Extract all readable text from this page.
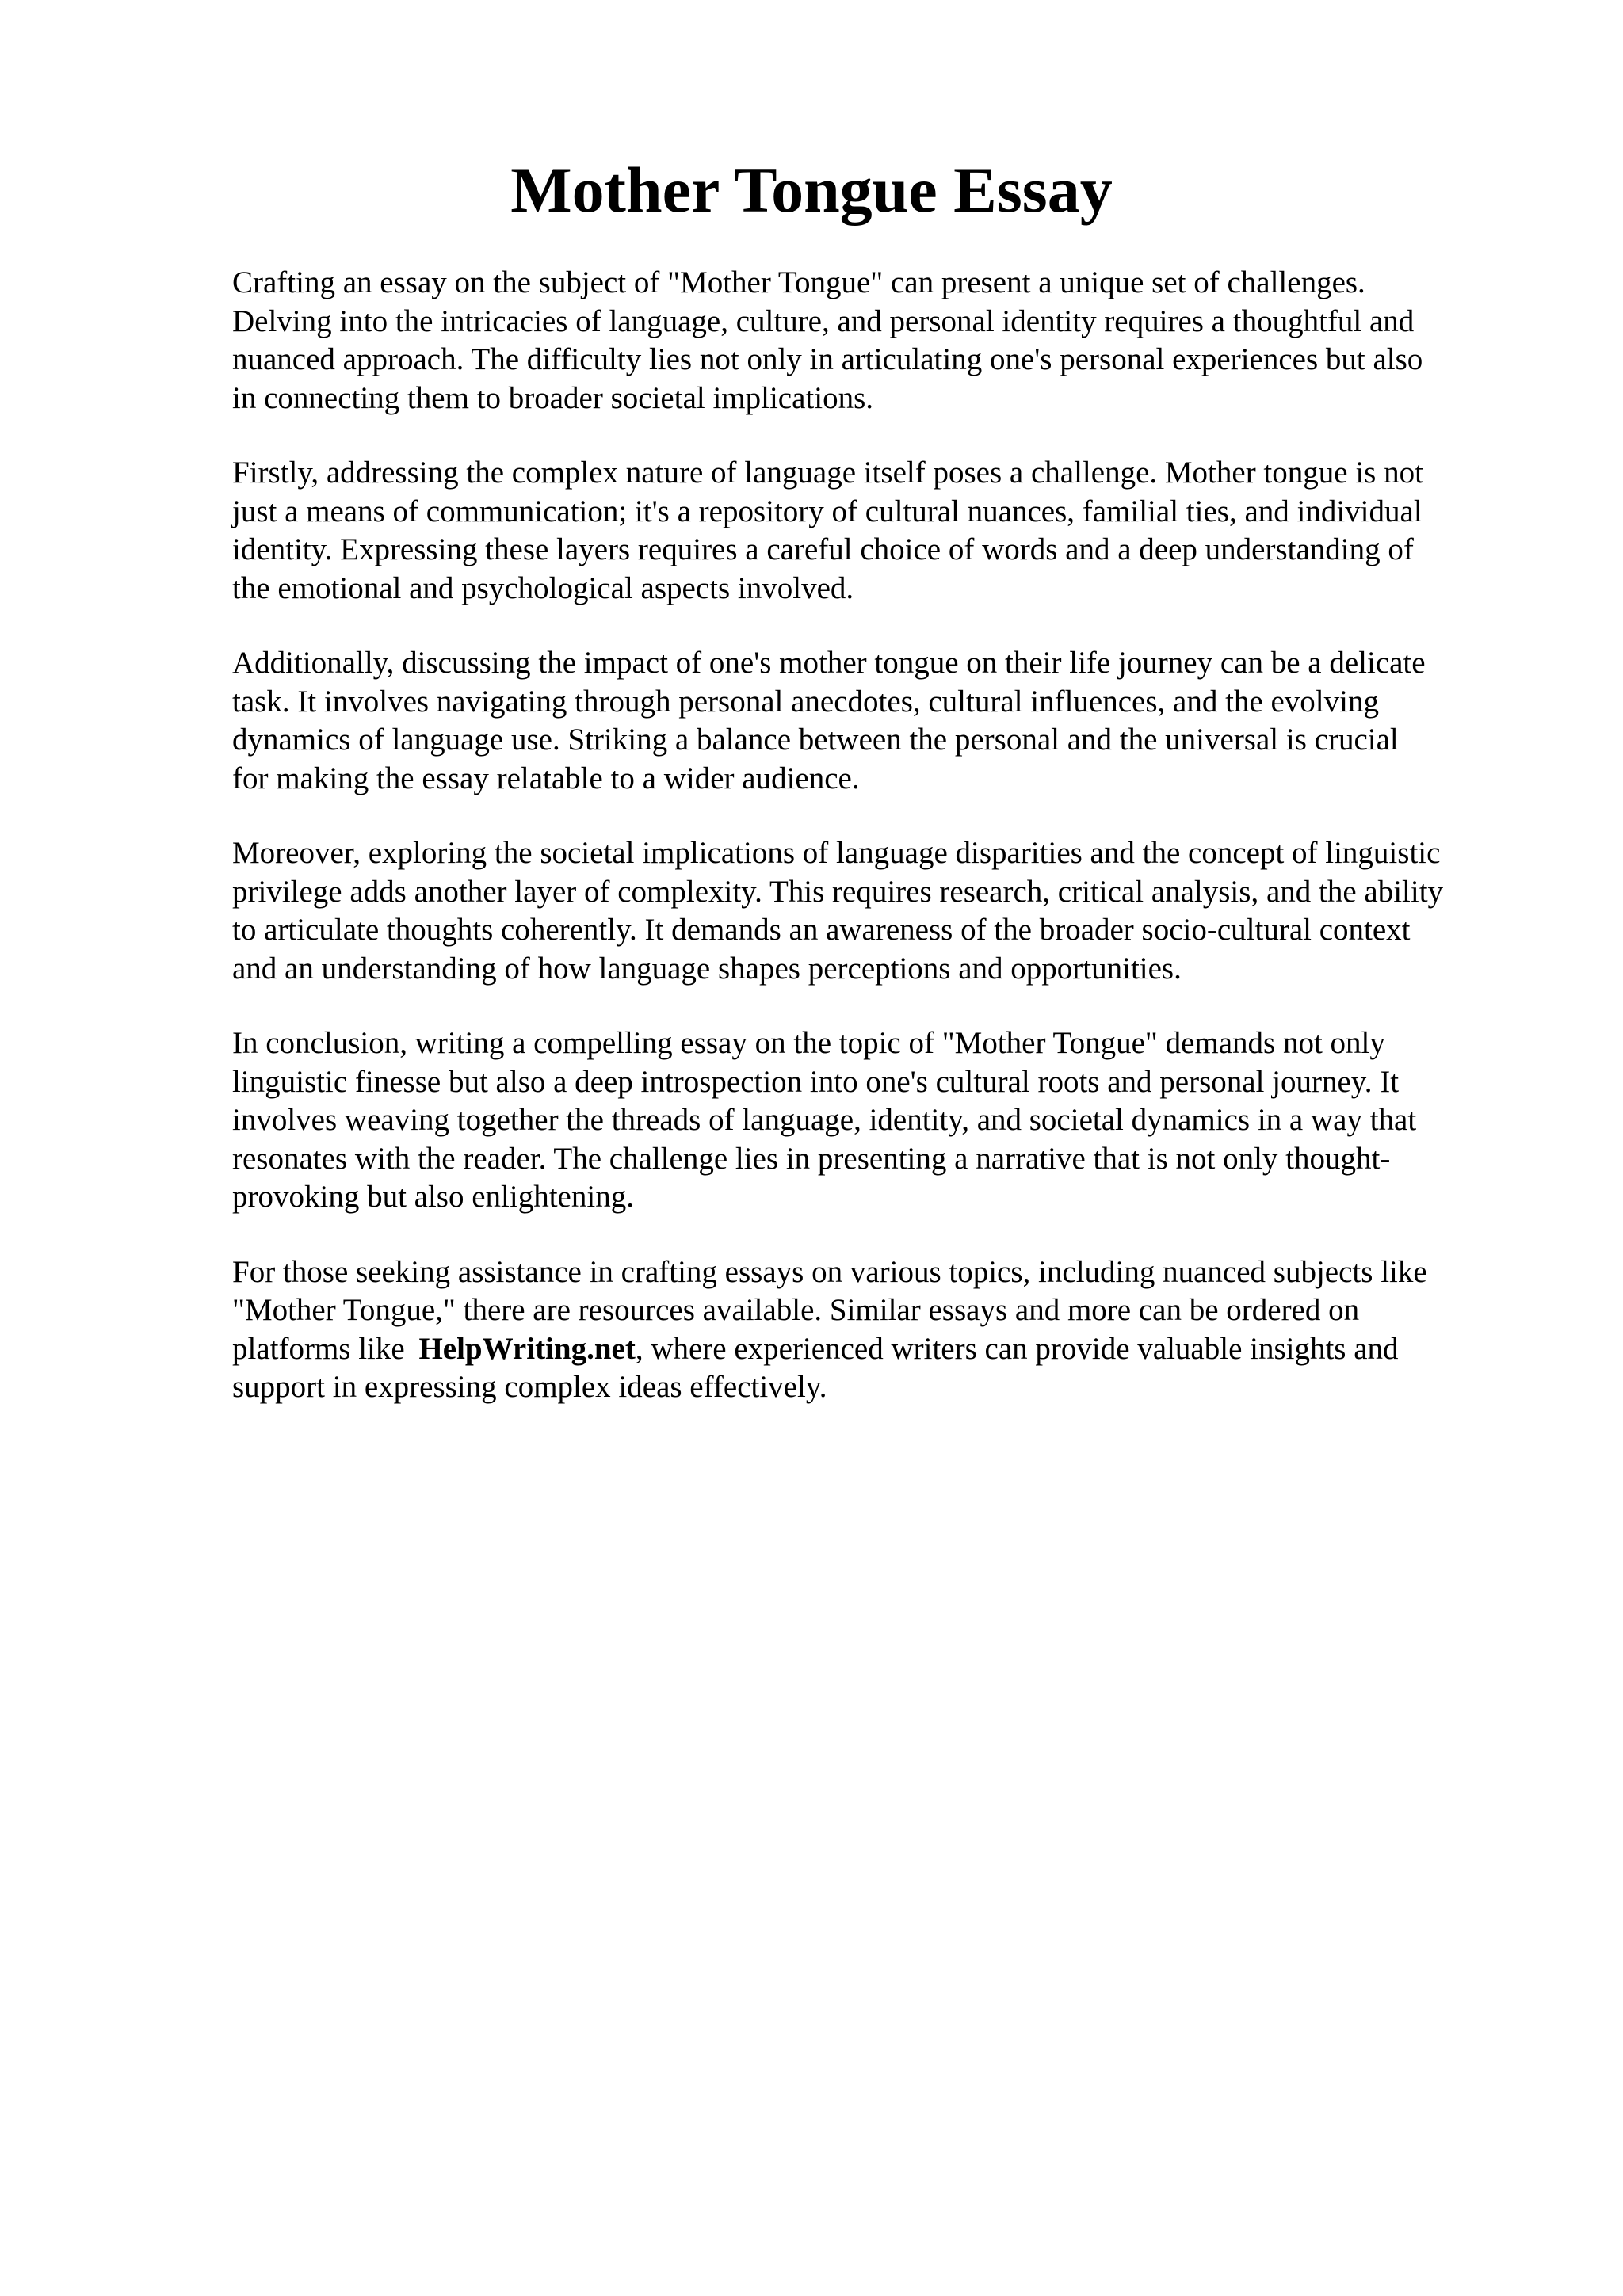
Mother Tongue Essay

Crafting an essay on the subject of "Mother Tongue" can present a unique set of challenges.
Delving into the intricacies of language, culture, and personal identity requires a thoughtful and
nuanced approach. The difficulty lies not only in articulating one's personal experiences but also
in connecting them to broader societal implications.

Firstly, addressing the complex nature of language itself poses a challenge. Mother tongue is not
just a means of communication; it's a repository of cultural nuances, familial ties, and individual
identity. Expressing these layers requires a careful choice of words and a deep understanding of
the emotional and psychological aspects involved.

Additionally, discussing the impact of one's mother tongue on their life journey can be a delicate
task. It involves navigating through personal anecdotes, cultural influences, and the evolving
dynamics of language use. Striking a balance between the personal and the universal is crucial
for making the essay relatable to a wider audience.

Moreover, exploring the societal implications of language disparities and the concept of linguistic
privilege adds another layer of complexity. This requires research, critical analysis, and the ability
to articulate thoughts coherently. It demands an awareness of the broader socio-cultural context
and an understanding of how language shapes perceptions and opportunities.

In conclusion, writing a compelling essay on the topic of "Mother Tongue" demands not only
linguistic finesse but also a deep introspection into one's cultural roots and personal journey. It
involves weaving together the threads of language, identity, and societal dynamics in a way that
resonates with the reader. The challenge lies in presenting a narrative that is not only thought-
provoking but also enlightening.

For those seeking assistance in crafting essays on various topics, including nuanced subjects like
"Mother Tongue," there are resources available. Similar essays and more can be ordered on
platforms like HelpWriting.net, where experienced writers can provide valuable insights and
support in expressing complex ideas effectively.
